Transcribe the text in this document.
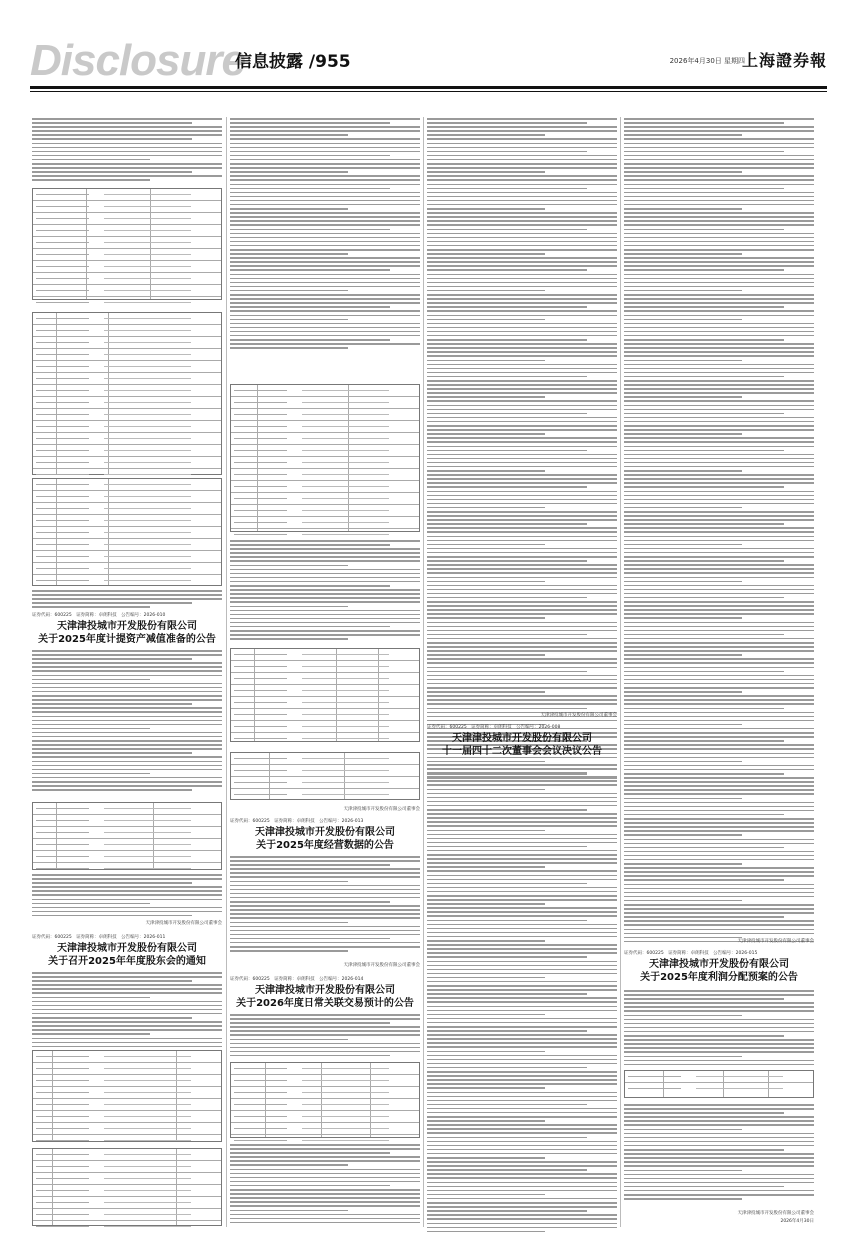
Disclosure
信息披露 /955	2026年4月30日 星期四
上海證券報
证券代码：600225　证券简称：卓朗科技　公告编号：2026-010
天津津投城市开发股份有限公司
关于2025年度计提资产减值准备的公告
天津津投城市开发股份有限公司董事会
证券代码：600225　证券简称：卓朗科技　公告编号：2026-011
天津津投城市开发股份有限公司
关于召开2025年年度股东会的通知
天津津投城市开发股份有限公司董事会
证券代码：600225　证券简称：卓朗科技　公告编号：2026-013
天津津投城市开发股份有限公司
关于2025年度经营数据的公告
天津津投城市开发股份有限公司董事会
证券代码：600225　证券简称：卓朗科技　公告编号：2026-014
天津津投城市开发股份有限公司
关于2026年度日常关联交易预计的公告
天津津投城市开发股份有限公司董事会
证券代码：600225　证券简称：卓朗科技　公告编号：2026-008
天津津投城市开发股份有限公司
十一届四十二次董事会会议决议公告
天津津投城市开发股份有限公司董事会
证券代码：600225　证券简称：卓朗科技　公告编号：2026-015
天津津投城市开发股份有限公司
关于2025年度利润分配预案的公告
天津津投城市开发股份有限公司董事会
2026年4月30日
